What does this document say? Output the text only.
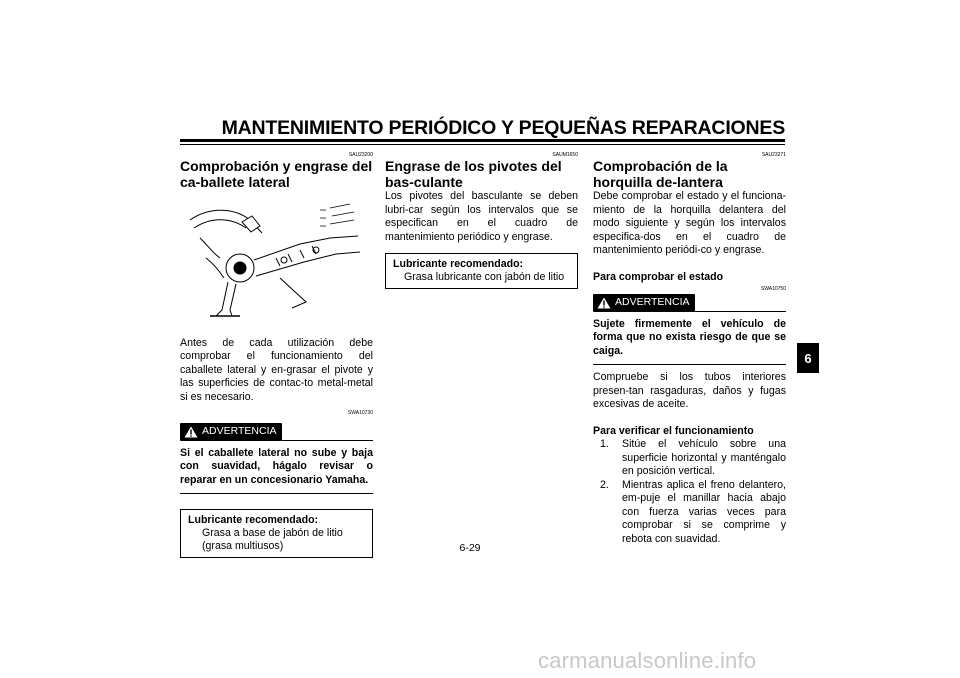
MANTENIMIENTO PERIÓDICO Y PEQUEÑAS REPARACIONES
SAU23200
Comprobación y engrase del ca-ballete lateral

Antes de cada utilización debe comprobar el funcionamiento del caballete lateral y en-grasar el pivote y las superficies de contac-to metal-metal si es necesario.

SWA10730
ADVERTENCIA
Si el caballete lateral no sube y baja con suavidad, hágalo revisar o reparar en un concesionario Yamaha.
Lubricante recomendado:
Grasa a base de jabón de litio (grasa multiusos)
SAUM1650
Engrase de los pivotes del bas-culante

Los pivotes del basculante se deben lubri-car según los intervalos que se especifican en el cuadro de mantenimiento periódico y engrase.

Lubricante recomendado:
Grasa lubricante con jabón de litio
SAU23271
Comprobación de la horquilla de-lantera

Debe comprobar el estado y el funciona-miento de la horquilla delantera del modo siguiente y según los intervalos especifica-dos en el cuadro de mantenimiento periódi-co y engrase.

Para comprobar el estado
SWA10750
ADVERTENCIA
Sujete firmemente el vehículo de forma que no exista riesgo de que se caiga.

Compruebe si los tubos interiores presen-tan rasgaduras, daños y fugas excesivas de aceite.

Para verificar el funcionamiento
1.	Sitúe el vehículo sobre una superficie horizontal y manténgalo en posición vertical.
2.	Mientras aplica el freno delantero, em-puje el manillar hacia abajo con fuerza varias veces para comprobar si se comprime y rebota con suavidad.
6
6-29
carmanualsonline.info
